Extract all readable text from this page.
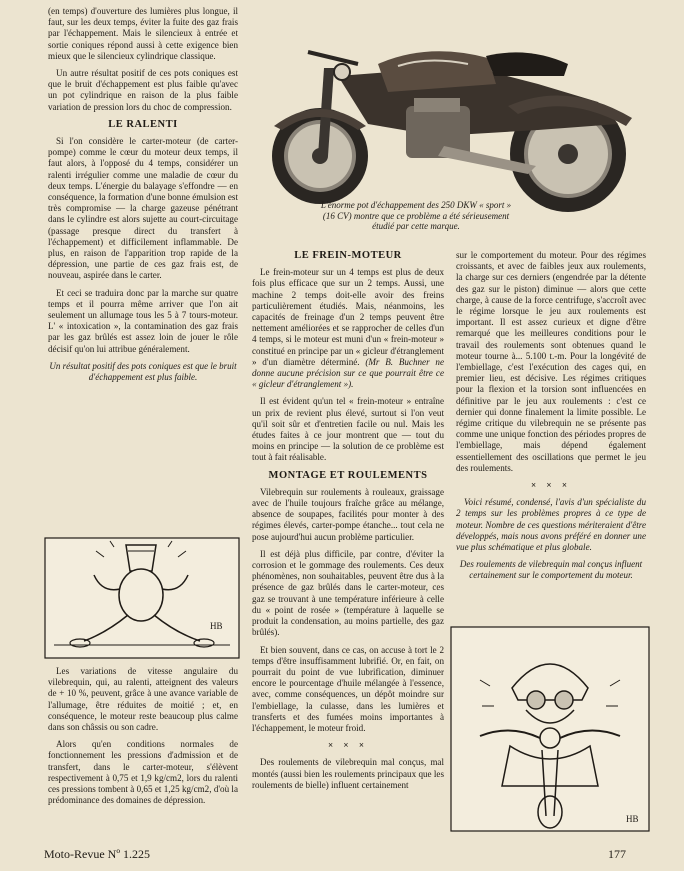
L'énorme pot d'échappement des 250 DKW « sport » (16 CV) montre que ce problème a été sérieusement étudié par cette marque.

(en temps) d'ouverture des lumières plus longue, il faut, sur les deux temps, éviter la fuite des gaz frais par l'échappement. Mais le silencieux à entrée et sortie coniques répond aussi à cette exigence bien mieux que le silencieux cylindrique classique.

Un autre résultat positif de ces pots coniques est que le bruit d'échappement est plus faible qu'avec un pot cylindrique en raison de la plus faible variation de pression lors du choc de compression.

LE RALENTI

Si l'on considère le carter-moteur (de carter-pompe) comme le cœur du moteur deux temps, il faut alors, à l'opposé du 4 temps, considérer un ralenti irrégulier comme une maladie de cœur du deux temps. L'énergie du balayage s'effondre — en conséquence, la formation d'une bonne émulsion est très compromise — la charge gazeuse pénétrant dans le cylindre est alors sujette au court-circuitage (passage presque direct du transfert à l'échappement) et difficilement inflammable. De plus, en raison de l'apparition trop rapide de la dépression, une partie de ces gaz frais est, de nouveau, aspirée dans le carter.

Et ceci se traduira donc par la marche sur quatre temps et il pourra même arriver que l'on ait seulement un allumage tous les 5 à 7 tours-moteur. L' « intoxication », la contamination des gaz frais par les gaz brûlés est assez loin de jouer le rôle décisif qu'on lui attribue généralement.

Un résultat positif des pots coniques est que le bruit d'échappement est plus faible.

HB

Les variations de vitesse angulaire du vilebrequin, qui, au ralenti, atteignent des valeurs de + 10 %, peuvent, grâce à une avance variable de l'allumage, être réduites de moitié ; et, en conséquence, le moteur reste beaucoup plus calme dans son châssis ou son cadre.

Alors qu'en conditions normales de fonctionnement les pressions d'admission et de transfert, dans le carter-moteur, s'élèvent respectivement à 0,75 et 1,9 kg/cm2, lors du ralenti ces pressions tombent à 0,65 et 1,25 kg/cm2, d'où la prédominance des domaines de dépression.

LE FREIN-MOTEUR

Le frein-moteur sur un 4 temps est plus de deux fois plus efficace que sur un 2 temps. Aussi, une machine 2 temps doit-elle avoir des freins particulièrement étudiés. Mais, néanmoins, les capacités de freinage d'un 2 temps peuvent être nettement améliorées et se rapprocher de celles d'un 4 temps, si le moteur est muni d'un « frein-moteur » constitué en principe par un « gicleur d'étranglement » d'un diamètre déterminé. (Mr B. Buchner ne donne aucune précision sur ce que pourrait être ce « gicleur d'étranglement »).

Il est évident qu'un tel « frein-moteur » entraîne un prix de revient plus élevé, surtout si l'on veut qu'il soit sûr et d'entretien facile ou nul. Mais les études faites à ce jour montrent que — tout du moins en principe — la solution de ce problème est tout à fait réalisable.

MONTAGE ET ROULEMENTS

Vilebrequin sur roulements à rouleaux, graissage avec de l'huile toujours fraîche grâce au mélange, absence de soupapes, facilités pour monter à des régimes élevés, carter-pompe étanche... tout cela ne pose aujourd'hui aucun problème particulier.

Il est déjà plus difficile, par contre, d'éviter la corrosion et le gommage des roulements. Ces deux phénomènes, non souhaitables, peuvent être dus à la présence de gaz brûlés dans le carter-moteur, ces gaz se trouvant à une température inférieure à celle du « point de rosée » (température à laquelle se produit la condensation, au moins partielle, des gaz brûlés).

Et bien souvent, dans ce cas, on accuse à tort le 2 temps d'être insuffisamment lubrifié. Or, en fait, on pourrait du point de vue lubrification, diminuer encore le pourcentage d'huile mélangée à l'essence, avec, comme conséquences, un dépôt moindre sur l'embiellage, la culasse, dans les lumières et transferts et des fumées moins importantes à l'échappement, le moteur froid.

× × ×

Des roulements de vilebrequin mal conçus, mal montés (aussi bien les roulements principaux que les roulements de bielle) influent certainement

sur le comportement du moteur. Pour des régimes croissants, et avec de faibles jeux aux roulements, la charge sur ces derniers (engendrée par la détente des gaz sur le piston) diminue — alors que cette charge, à cause de la force centrifuge, s'accroît avec le régime lorsque le jeu aux roulements est important. Il est assez curieux et digne d'être remarqué que les meilleures conditions pour le travail des roulements sont obtenues quand le moteur tourne à... 5.100 t.-m. Pour la longévité de l'embiellage, c'est l'exécution des cages qui, en premier lieu, est décisive. Les régimes critiques pour la flexion et la torsion sont influencées en définitive par le jeu aux roulements : c'est ce dernier qui donne finalement la limite possible. Le régime critique du vilebrequin ne se présente pas comme une unique fonction des périodes propres de l'embiellage, mais dépend également essentiellement des oscillations que permet le jeu des roulements.

× × ×

Voici résumé, condensé, l'avis d'un spécialiste du 2 temps sur les problèmes propres à ce type de moteur. Nombre de ces questions mériteraient d'être développés, mais nous avons préféré en donner une vue plus schématique et plus globale.

Des roulements de vilebrequin mal conçus influent certainement sur le comportement du moteur.

HB
Moto-Revue Nº 1.225	177
